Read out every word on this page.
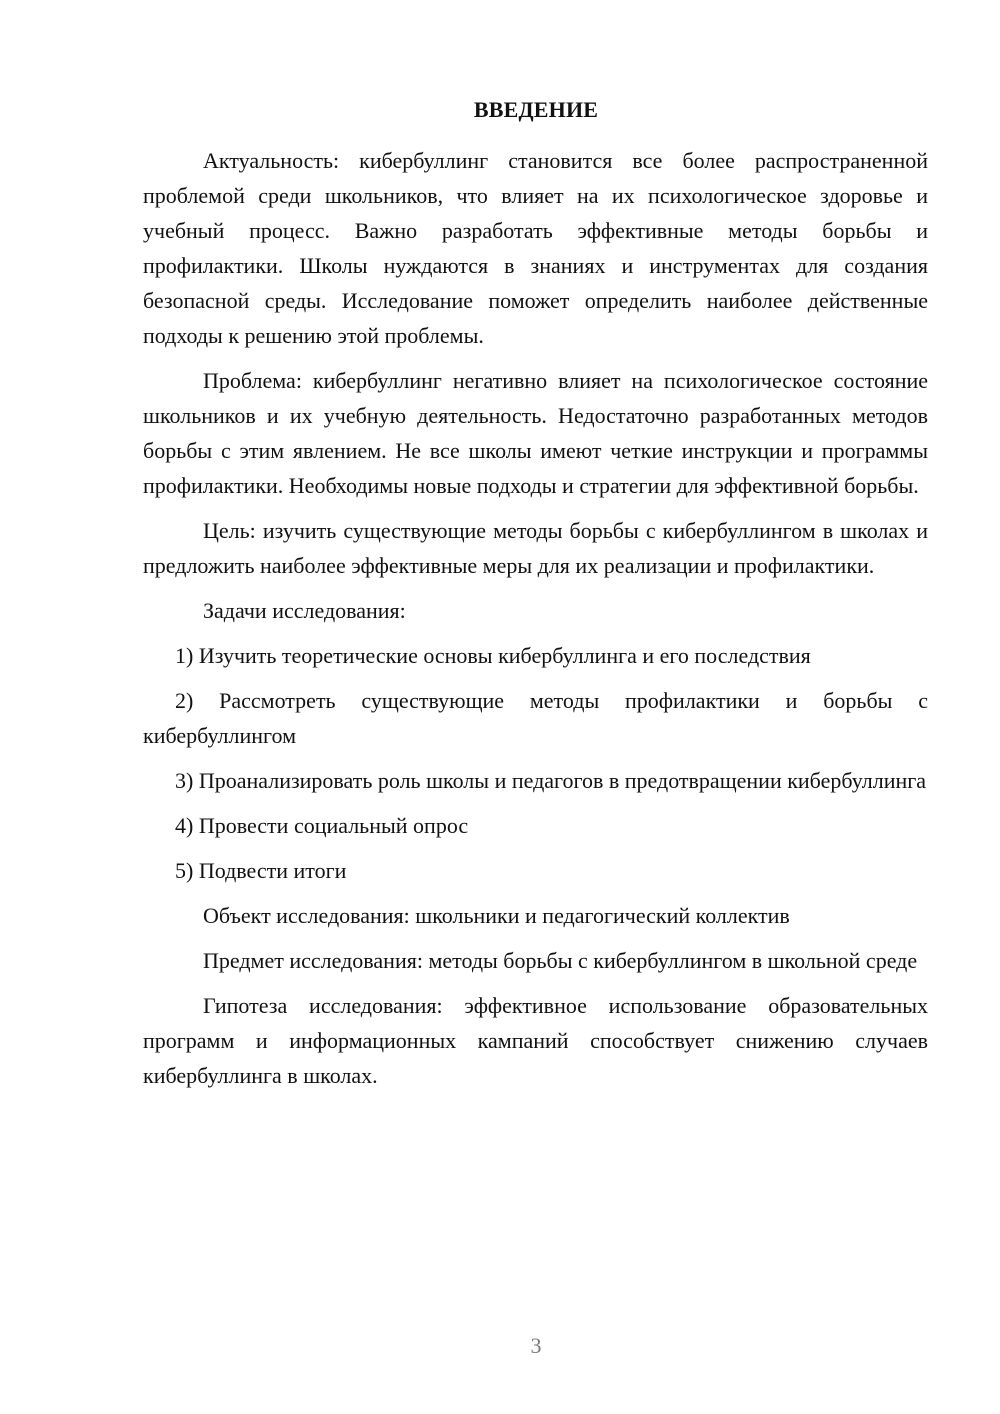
ВВЕДЕНИЕ

Актуальность: кибербуллинг становится все более распространенной проблемой среди школьников, что влияет на их психологическое здоровье и учебный процесс. Важно разработать эффективные методы борьбы и профилактики. Школы нуждаются в знаниях и инструментах для создания безопасной среды. Исследование поможет определить наиболее действенные подходы к решению этой проблемы.

Проблема: кибербуллинг негативно влияет на психологическое состояние школьников и их учебную деятельность. Недостаточно разработанных методов борьбы с этим явлением. Не все школы имеют четкие инструкции и программы профилактики. Необходимы новые подходы и стратегии для эффективной борьбы.

Цель: изучить существующие методы борьбы с кибербуллингом в школах и предложить наиболее эффективные меры для их реализации и профилактики.

Задачи исследования:

1) Изучить теоретические основы кибербуллинга и его последствия

2) Рассмотреть существующие методы профилактики и борьбы с кибербуллингом

3) Проанализировать роль школы и педагогов в предотвращении кибербуллинга

4) Провести социальный опрос

5) Подвести итоги

Объект исследования: школьники и педагогический коллектив

Предмет исследования: методы борьбы с кибербуллингом в школьной среде

Гипотеза исследования: эффективное использование образовательных программ и информационных кампаний способствует снижению случаев кибербуллинга в школах.

3
